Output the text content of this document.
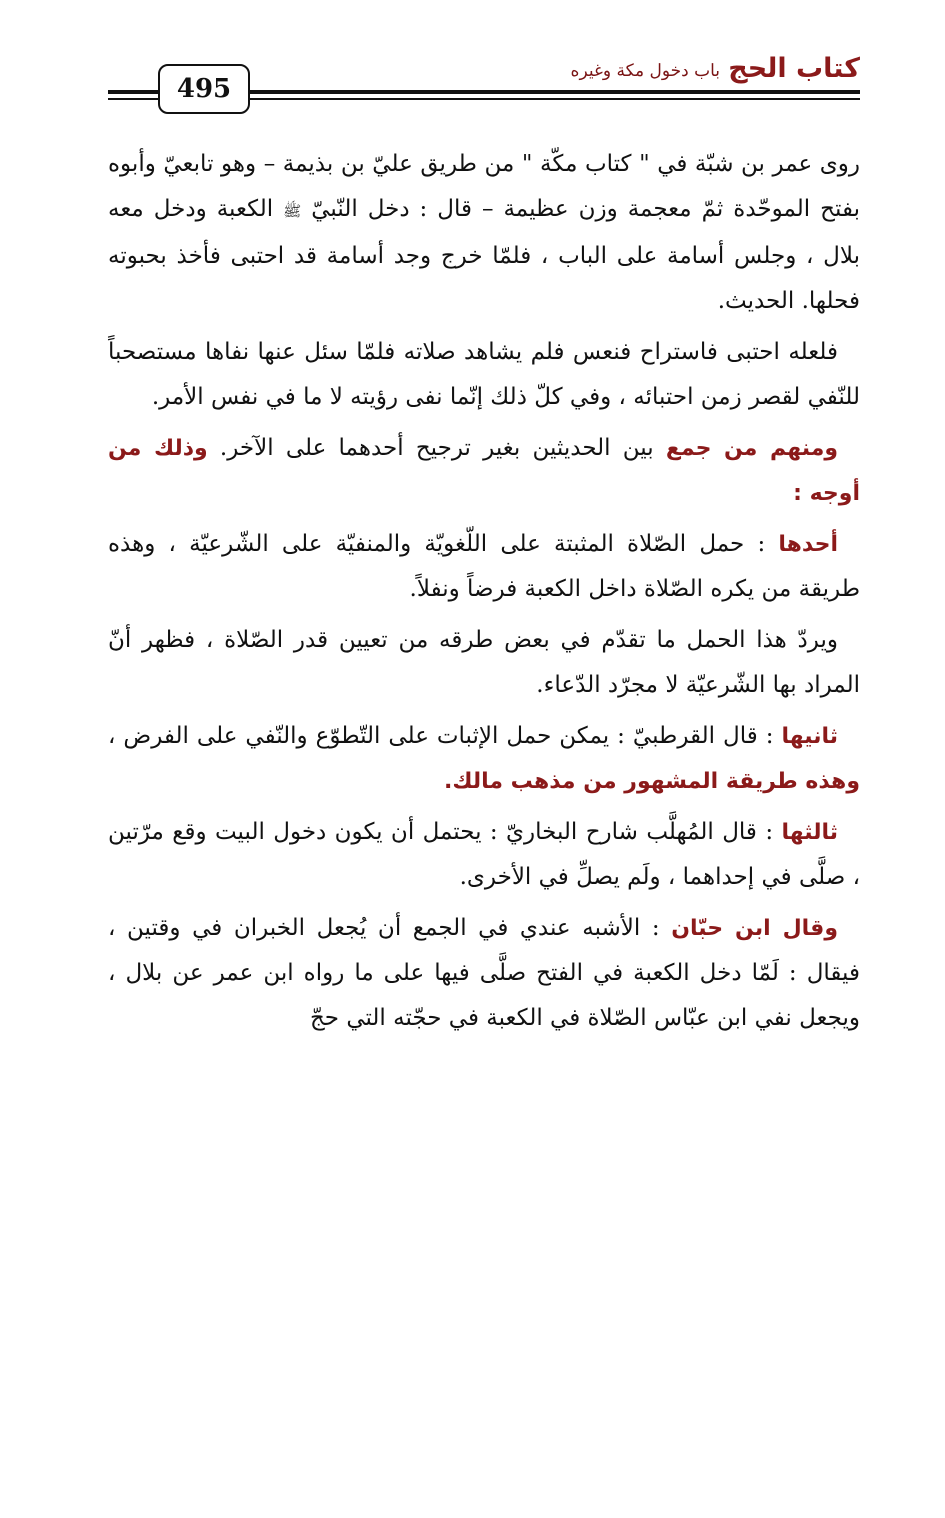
كتاب الحج
باب دخول مكة وغيره
495

روى عمر بن شبّة في " كتاب مكّة " من طريق عليّ بن بذيمة – وهو تابعيّ وأبوه بفتح الموحّدة ثمّ معجمة وزن عظيمة – قال : دخل النّبيّ ﷺ الكعبة ودخل معه بلال ، وجلس أسامة على الباب ، فلمّا خرج وجد أسامة قد احتبى فأخذ بحبوته فحلها. الحديث.

فلعله احتبى فاستراح فنعس فلم يشاهد صلاته فلمّا سئل عنها نفاها مستصحباً للنّفي لقصر زمن احتبائه ، وفي كلّ ذلك إنّما نفى رؤيته لا ما في نفس الأمر.

ومنهم من جمع بين الحديثين بغير ترجيح أحدهما على الآخر. وذلك من أوجه :

أحدها : حمل الصّلاة المثبتة على اللّغويّة والمنفيّة على الشّرعيّة ، وهذه طريقة من يكره الصّلاة داخل الكعبة فرضاً ونفلاً.

ويردّ هذا الحمل ما تقدّم في بعض طرقه من تعيين قدر الصّلاة ، فظهر أنّ المراد بها الشّرعيّة لا مجرّد الدّعاء.

ثانيها : قال القرطبيّ : يمكن حمل الإثبات على التّطوّع والنّفي على الفرض ، وهذه طريقة المشهور من مذهب مالك.

ثالثها : قال المُهلَّب شارح البخاريّ : يحتمل أن يكون دخول البيت وقع مرّتين ، صلَّى في إحداهما ، ولَم يصلِّ في الأخرى.

وقال ابن حبّان : الأشبه عندي في الجمع أن يُجعل الخبران في وقتين ، فيقال : لَمّا دخل الكعبة في الفتح صلَّى فيها على ما رواه ابن عمر عن بلال ، ويجعل نفي ابن عبّاس الصّلاة في الكعبة في حجّته التي حجّ
